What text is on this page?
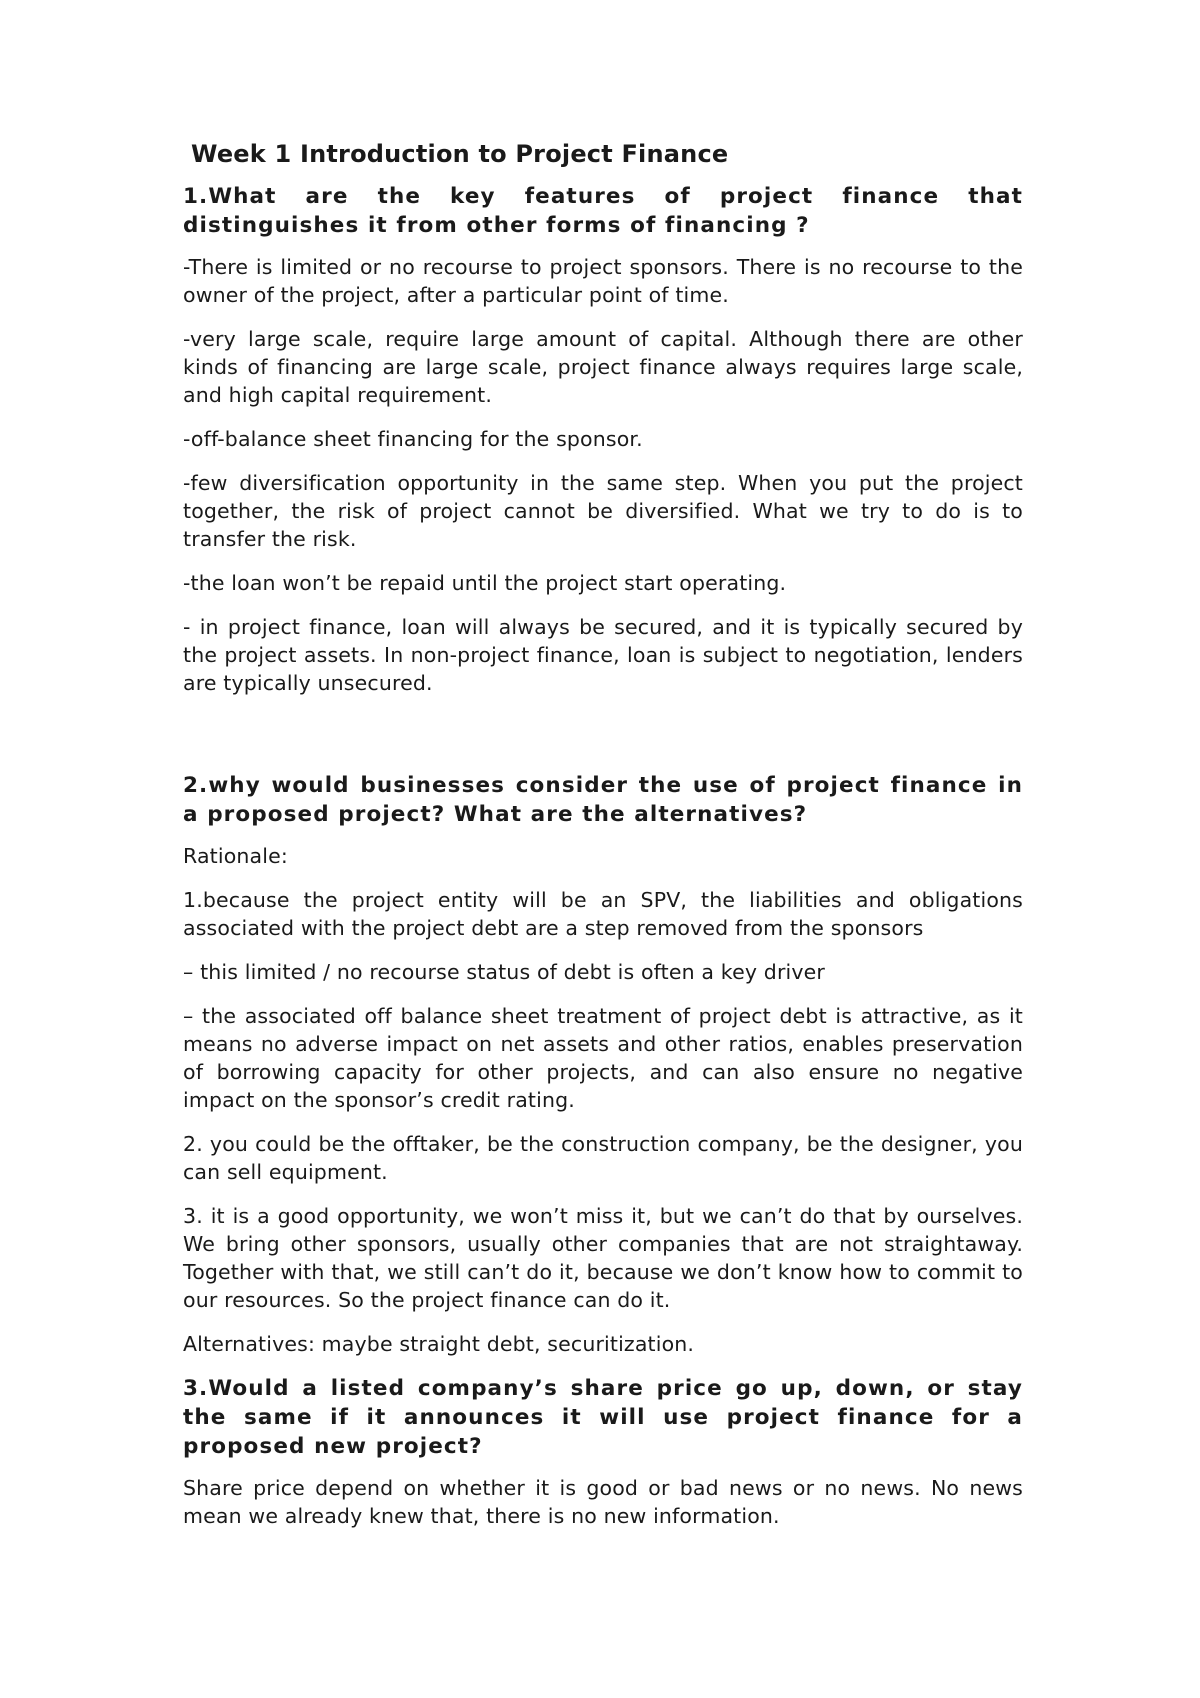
Week 1 Introduction to Project Finance
1.What are the key features of project finance that distinguishes it from other forms of financing ?
-There is limited or no recourse to project sponsors. There is no recourse to the owner of the project, after a particular point of time.
-very large scale, require large amount of capital. Although there are other kinds of financing are large scale, project finance always requires large scale, and high capital requirement.
-off-balance sheet financing for the sponsor.
-few diversification opportunity in the same step. When you put the project together, the risk of project cannot be diversified. What we try to do is to transfer the risk.
-the loan won’t be repaid until the project start operating.
- in project finance, loan will always be secured, and it is typically secured by the project assets. In non-project finance, loan is subject to negotiation, lenders are typically unsecured.
2.why would businesses consider the use of project finance in a proposed project? What are the alternatives?
Rationale:
1.because the project entity will be an SPV, the liabilities and obligations associated with the project debt are a step removed from the sponsors
– this limited / no recourse status of debt is often a key driver
– the associated off balance sheet treatment of project debt is attractive, as it means no adverse impact on net assets and other ratios, enables preservation of borrowing capacity for other projects, and can also ensure no negative impact on the sponsor’s credit rating.
2. you could be the offtaker, be the construction company, be the designer, you can sell equipment.
3. it is a good opportunity, we won’t miss it, but we can’t do that by ourselves. We bring other sponsors, usually other companies that are not straightaway. Together with that, we still can’t do it, because we don’t know how to commit to our resources. So the project finance can do it.
Alternatives: maybe straight debt, securitization.
3.Would a listed company’s share price go up, down, or stay the same if it announces it will use project finance for a proposed new project?
Share price depend on whether it is good or bad news or no news. No news mean we already knew that, there is no new information.
